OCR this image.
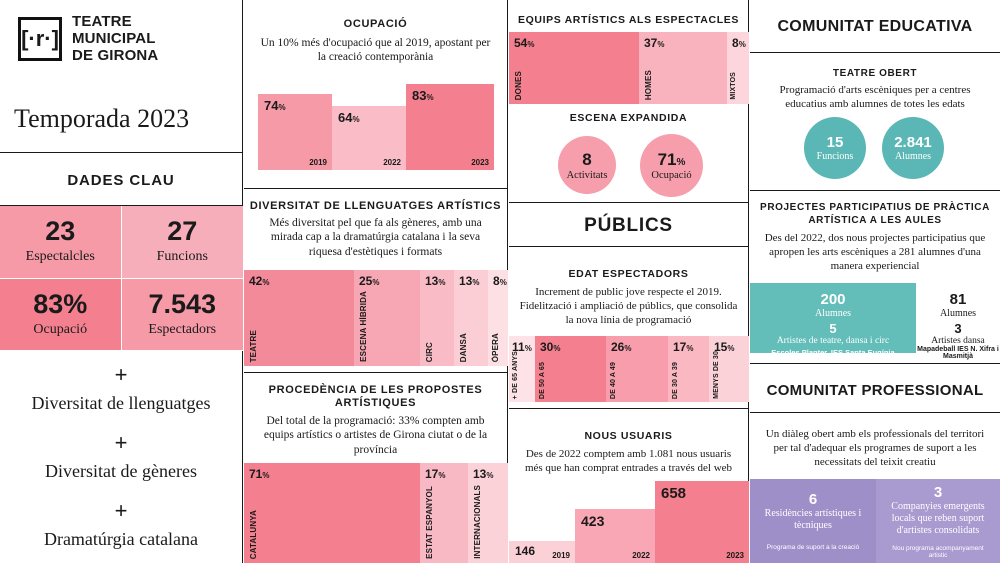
[·r·]
TEATRE
MUNICIPAL
DE GIRONA
Temporada 2023
DADES CLAU
23
Espectalcles
27
Funcions
83%
Ocupació
7.543
Espectadors
+
Diversitat de llenguatges
+
Diversitat de gèneres
+
Dramatúrgia catalana
OCUPACIÓ
Un 10% més d'ocupació que al 2019, apostant per la creació contemporània
74%
2019
64%
2022
83%
2023
DIVERSITAT DE LLENGUATGES ARTÍSTICS
Més diversitat pel que fa als gèneres, amb una mirada cap a la dramatúrgia catalana i la seva riquesa d'estètiques i formats
42%
TEATRE
25%
ESCENA HÍBRIDA
13%
CIRC
13%
DANSA
8%
ÒPERA
PROCEDÈNCIA DE LES PROPOSTES ARTÍSTIQUES
Del total de la programació: 33% compten amb equips artístics o artistes de Girona ciutat o de la província
71%
CATALUNYA
17%
ESTAT ESPANYOL
13%
INTERNACIONALS
EQUIPS ARTÍSTICS ALS ESPECTACLES
54%
DONES
37%
HOMES
8%
MIXTOS
ESCENA EXPANDIDA
8
Activitats
71%
Ocupació
PÚBLICS
EDAT ESPECTADORS
Increment de public jove respecte el 2019. Fidelització i ampliació de públics, que consolida la nova línia de programació
11%
+ DE 65 ANYS
30%
DE 50 A 65
26%
DE 40 A 49
17%
DE 30 A 39
15%
MENYS DE 30
NOUS USUARIS
Des de 2022 comptem amb 1.081 nous usuaris més que han comprat entrades a través del web
146 2019
423
2022
658
2023
COMUNITAT EDUCATIVA
TEATRE OBERT
Programació d'arts escèniques per a centres educatius amb alumnes de totes les edats
15
Funcions
2.841
Alumnes
PROJECTES PARTICIPATIUS DE PRÀCTICA ARTÍSTICA A LES AULES
Des del 2022, dos nous projectes participatius que apropen les arts escèniques a 281 alumnes d'una manera experiencial
200
Alumnes
5
Artistes de teatre, dansa i circ
Escoles Planter, IES Santa Eugínia
81
Alumnes
3
Artistes dansa
Mapadeball IES N. Xifra i Masmitjà
COMUNITAT PROFESSIONAL
Un diàleg obert amb els professionals del territori per tal d'adequar els programes de suport a les necessitats del teixit creatiu
6
Residències artístiques i tècniques
Programa de suport a la creació
3
Companyies emergents locals que reben suport d'artistes consolidats
Nou programa acompanyament artistic
